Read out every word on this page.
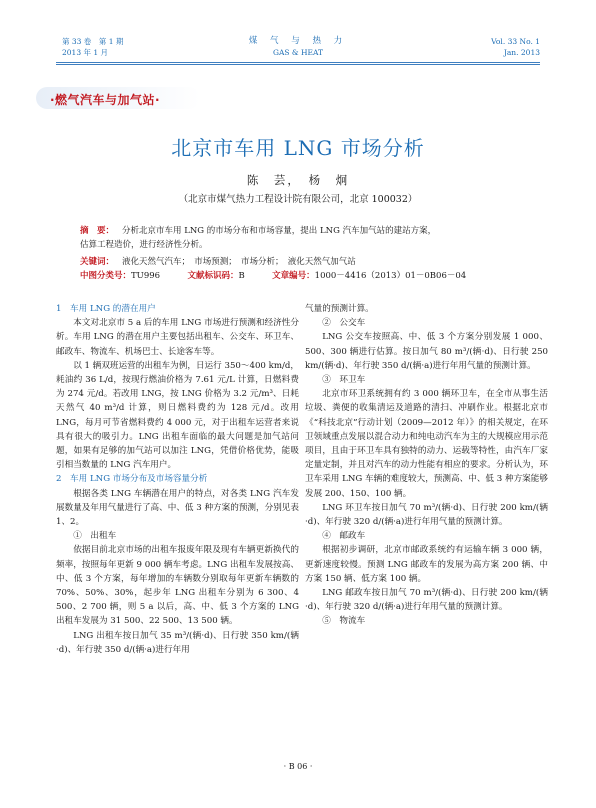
第 33 卷　第 1 期
2013 年 1 月
煤 气 与 热 力
GAS & HEAT
Vol. 33 No. 1
Jan. 2013
·燃气汽车与加气站·
北京市车用 LNG 市场分析
陈　芸，　杨　炯
（北京市煤气热力工程设计院有限公司，北京 100032）
摘　要： 分析北京市车用 LNG 的市场分布和市场容量，提出 LNG 汽车加气站的建站方案，
估算工程造价，进行经济性分析。
关键词： 液化天然气汽车；　市场预测；　市场分析；　液化天然气加气站
中图分类号：TU996	文献标识码：B	文章编号：1000－4416（2013）01－0B06－04
1　车用 LNG 的潜在用户

本文对北京市 5 a 后的车用 LNG 市场进行预测和经济性分析。车用 LNG 的潜在用户主要包括出租车、公交车、环卫车、邮政车、物流车、机场巴士、长途客车等。

以 1 辆双班运营的出租车为例，日运行 350～400 km/d，耗油约 36 L/d，按现行燃油价格为 7.61 元/L 计算，日燃料费为 274 元/d。若改用 LNG，按 LNG 价格为 3.2 元/m³、日耗天然气 40 m³/d 计算，则日燃料费约为 128 元/d。改用 LNG，每月可节省燃料费约 4 000 元，对于出租车运营者来说具有很大的吸引力。LNG 出租车面临的最大问题是加气站问题，如果有足够的加气站可以加注 LNG，凭借价格优势，能吸引相当数量的 LNG 汽车用户。

2　车用 LNG 市场分布及市场容量分析

根据各类 LNG 车辆潜在用户的特点，对各类 LNG 汽车发展数量及年用气量进行了高、中、低 3 种方案的预测，分别见表 1、2。

①　出租车

依据目前北京市场的出租车报废年限及现有车辆更新换代的频率，按照每年更新 9 000 辆车考虑。LNG 出租车发展按高、中、低 3 个方案，每年增加的车辆数分别取每年更新车辆数的 70%、50%、30%，起步年 LNG 出租车分别为 6 300、4 500、2 700 辆，则 5 a 以后，高、中、低 3 个方案的 LNG 出租车发展为 31 500、22 500、13 500 辆。

LNG 出租车按日加气 35 m³/(辆·d)、日行驶 350 km/(辆·d)、年行驶 350 d/(辆·a)进行年用

气量的预测计算。

②　公交车

LNG 公交车按照高、中、低 3 个方案分别发展 1 000、500、300 辆进行估算。按日加气 80 m³/(辆·d)、日行驶 250 km/(辆·d)、年行驶 350 d/(辆·a)进行年用气量的预测计算。

③　环卫车

北京市环卫系统拥有约 3 000 辆环卫车，在全市从事生活垃圾、粪便的收集清运及道路的清扫、冲刷作业。根据北京市《“科技北京”行动计划（2009—2012 年）》的相关规定，在环卫领域重点发展以混合动力和纯电动汽车为主的大规模应用示范项目，且由于环卫车具有独特的动力、运载等特性，由汽车厂家定量定制，并且对汽车的动力性能有相应的要求。分析认为，环卫车采用 LNG 车辆的难度较大，预测高、中、低 3 种方案能够发展 200、150、100 辆。

LNG 环卫车按日加气 70 m³/(辆·d)、日行驶 200 km/(辆·d)、年行驶 320 d/(辆·a)进行年用气量的预测计算。

④　邮政车

根据初步调研，北京市邮政系统约有运输车辆 3 000 辆，更新速度较慢。预测 LNG 邮政车的发展为高方案 200 辆、中方案 150 辆、低方案 100 辆。

LNG 邮政车按日加气 70 m³/(辆·d)、日行驶 200 km/(辆·d)、年行驶 320 d/(辆·a)进行年用气量的预测计算。

⑤　物流车
· B 06 ·
